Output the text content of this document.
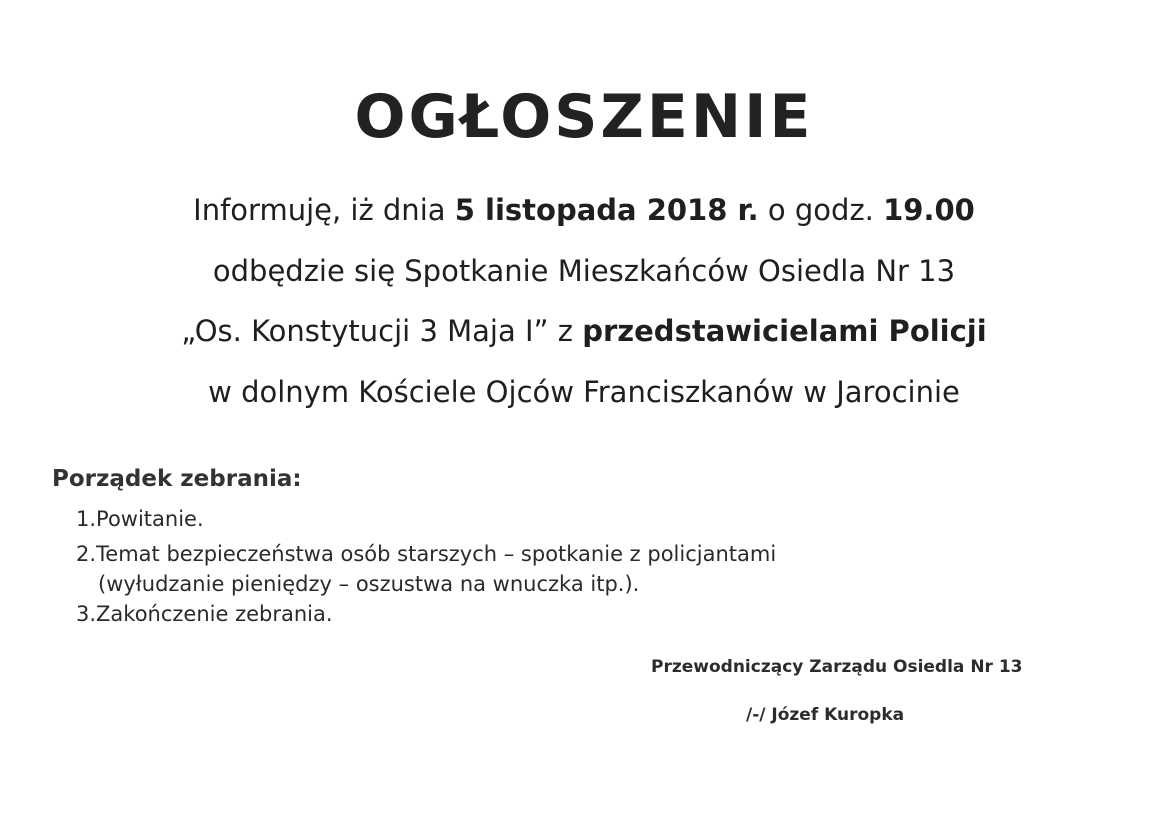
OGŁOSZENIE
Informuję, iż dnia 5 listopada 2018 r. o godz. 19.00
odbędzie się Spotkanie Mieszkańców Osiedla Nr 13
„Os. Konstytucji 3 Maja I” z przedstawicielami Policji
w dolnym Kościele Ojców Franciszkanów w Jarocinie
Porządek zebrania:
1.Powitanie.
2.Temat bezpieczeństwa osób starszych – spotkanie z policjantami
(wyłudzanie pieniędzy – oszustwa na wnuczka itp.).
3.Zakończenie zebrania.
Przewodniczący Zarządu Osiedla Nr 13
/-/ Józef Kuropka
